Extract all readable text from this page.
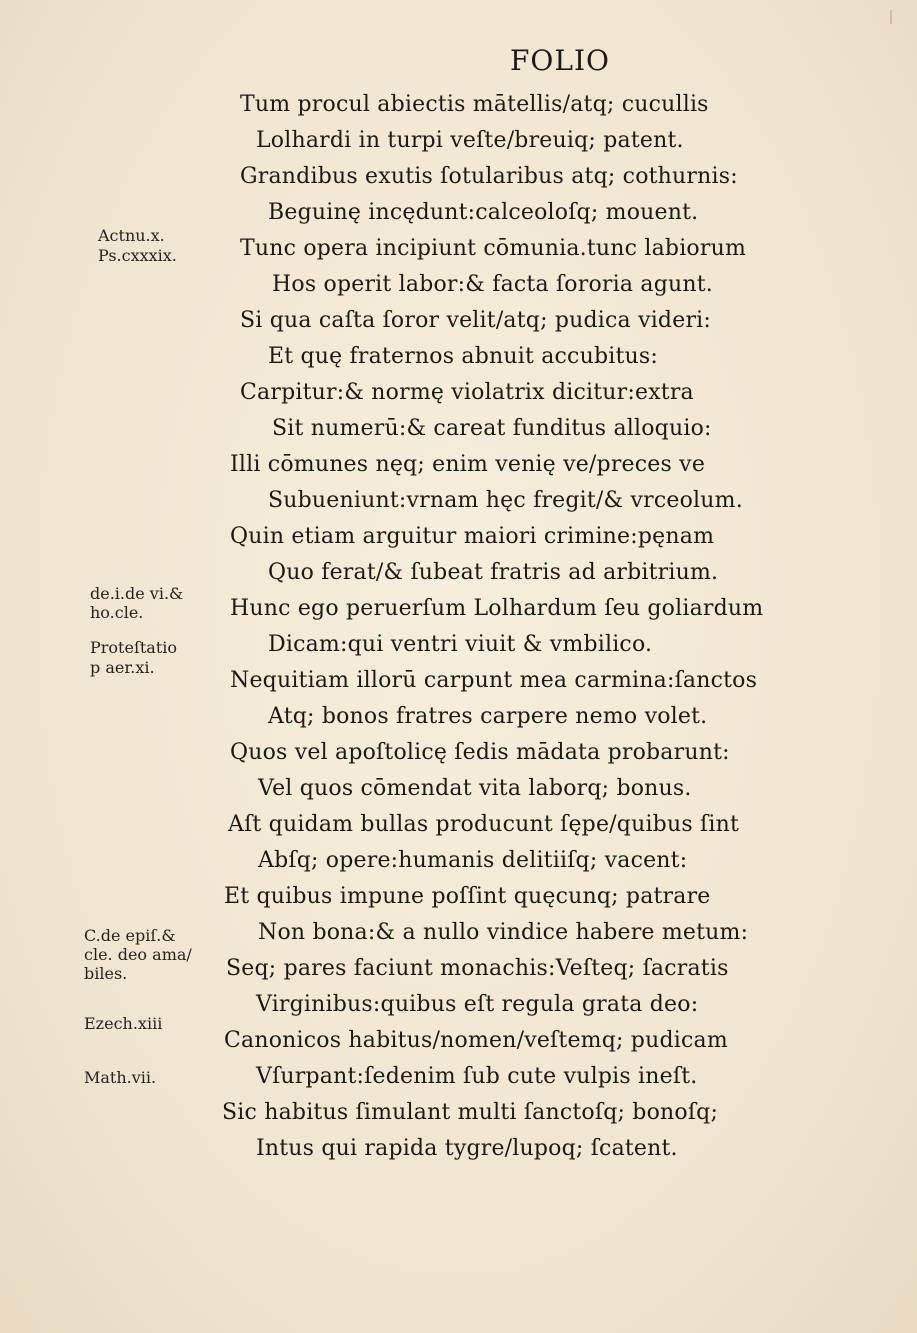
FOLIO
Tum procul abiectis mātellis/atq; cucullis
Lolhardi in turpi veſte/breuiq; patent.
Grandibus exutis ſotularibus atq; cothurnis:
Beguinę incędunt:calceoloſq; mouent.
Tunc opera incipiunt cōmunia.tunc labiorum
Hos operit labor:& facta ſororia agunt.
Si qua caſta ſoror velit/atq; pudica videri:
Et quę fraternos abnuit accubitus:
Carpitur:& normę violatrix dicitur:extra
Sit numerū:& careat funditus alloquio:
Illi cōmunes nęq; enim venię ve/preces ve
Subueniunt:vrnam hęc fregit/& vrceolum.
Quin etiam arguitur maiori crimine:pęnam
Quo ferat/& ſubeat fratris ad arbitrium.
Hunc ego peruerſum Lolhardum ſeu goliardum
Dicam:qui ventri viuit & vmbilico.
Nequitiam illorū carpunt mea carmina:ſanctos
Atq; bonos fratres carpere nemo volet.
Quos vel apoſtolicę ſedis mādata probarunt:
Vel quos cōmendat vita laborq; bonus.
Aſt quidam bullas producunt ſępe/quibus ſint
Abſq; opere:humanis delitiiſq; vacent:
Et quibus impune poſſint quęcunq; patrare
Non bona:& a nullo vindice habere metum:
Seq; pares faciunt monachis:Veſteq; ſacratis
Virginibus:quibus eſt regula grata deo:
Canonicos habitus/nomen/veſtemq; pudicam
Vſurpant:ſedenim ſub cute vulpis ineſt.
Sic habitus ſimulant multi ſanctoſq; bonoſq;
Intus qui rapida tygre/lupoq; ſcatent.
Actnu.x.
Ps.cxxxix.
de.i.de vi.&
ho.cle.
Proteſtatio
p aer.xi.
C.de epiſ.&
cle. deo ama/
biles.
Ezech.xiii
Math.vii.
